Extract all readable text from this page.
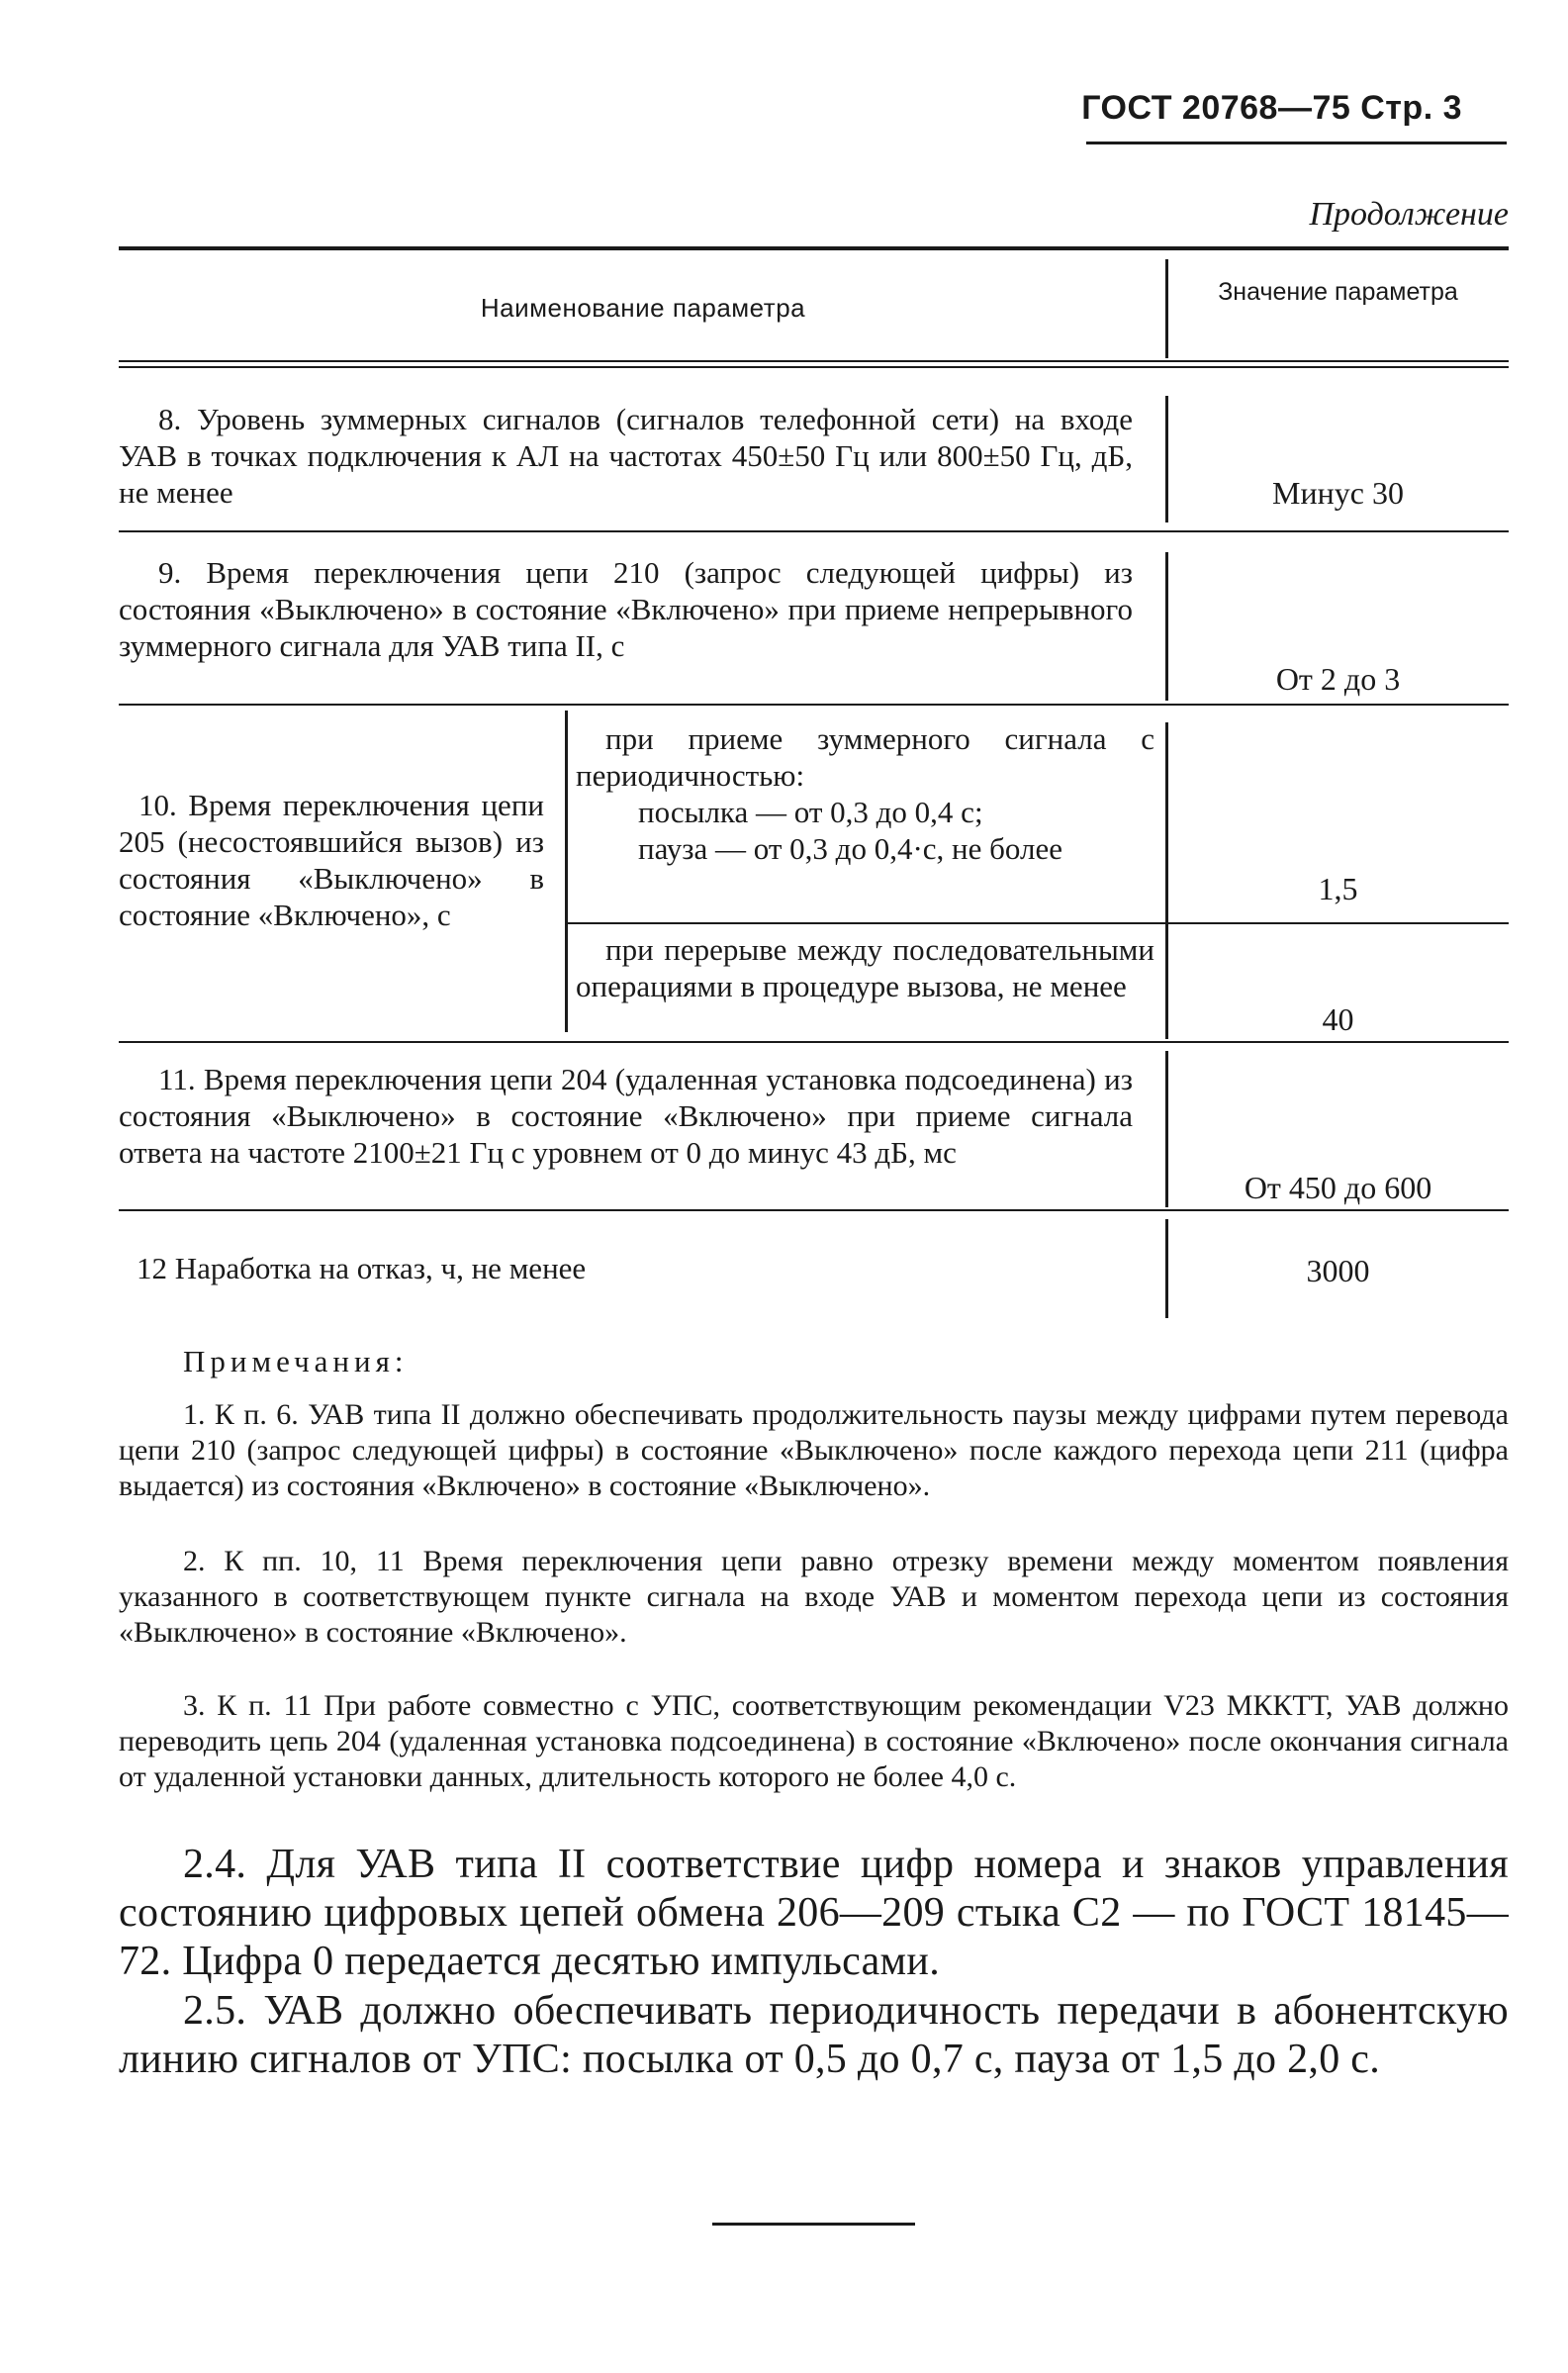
ГОСТ 20768—75 Стр. 3
Продолжение
Наименование параметра
Значение параметра
8. Уровень зуммерных сигналов (сигналов телефонной сети) на входе УАВ в точках подключения к АЛ на частотах 450±50 Гц или 800±50 Гц, дБ, не менее	Минус 30
9. Время переключения цепи 210 (запрос следующей цифры) из состояния «Выключено» в состояние «Включено» при приеме непрерывного зуммерного сигнала для УАВ типа II, с
От 2 до 3
10. Время переключения цепи 205 (несостоявшийся вызов) из состояния «Выключено» в состояние «Включено», с
при приеме зуммерного сигнала с периодичностью:
посылка — от 0,3 до 0,4 с;
пауза — от 0,3 до 0,4·с, не более
1,5
при перерыве между последовательными операциями в процедуре вызова, не менее
40
11. Время переключения цепи 204 (удаленная установка подсоединена) из состояния «Выключено» в состояние «Включено» при приеме сигнала ответа на частоте 2100±21 Гц с уровнем от 0 до минус 43 дБ, мс
От 450 до 600
12 Наработка на отказ, ч, не менее	3000
Примечания:
1. К п. 6. УАВ типа II должно обеспечивать продолжительность паузы между цифрами путем перевода цепи 210 (запрос следующей цифры) в состояние «Выключено» после каждого перехода цепи 211 (цифра выдается) из состояния «Включено» в состояние «Выключено».
2. К пп. 10, 11 Время переключения цепи равно отрезку времени между моментом появления указанного в соответствующем пункте сигнала на входе УАВ и моментом перехода цепи из состояния «Выключено» в состояние «Включено».
3. К п. 11 При работе совместно с УПС, соответствующим рекомендации V23 МККТТ, УАВ должно переводить цепь 204 (удаленная установка подсоединена) в состояние «Включено» после окончания сигнала от удаленной установки данных, длительность которого не более 4,0 с.
2.4. Для УАВ типа II соответствие цифр номера и знаков управления состоянию цифровых цепей обмена 206—209 стыка С2 — по ГОСТ 18145—72. Цифра 0 передается десятью импульсами.
2.5. УАВ должно обеспечивать периодичность передачи в абонентскую линию сигналов от УПС: посылка от 0,5 до 0,7 с, пауза от 1,5 до 2,0 с.
